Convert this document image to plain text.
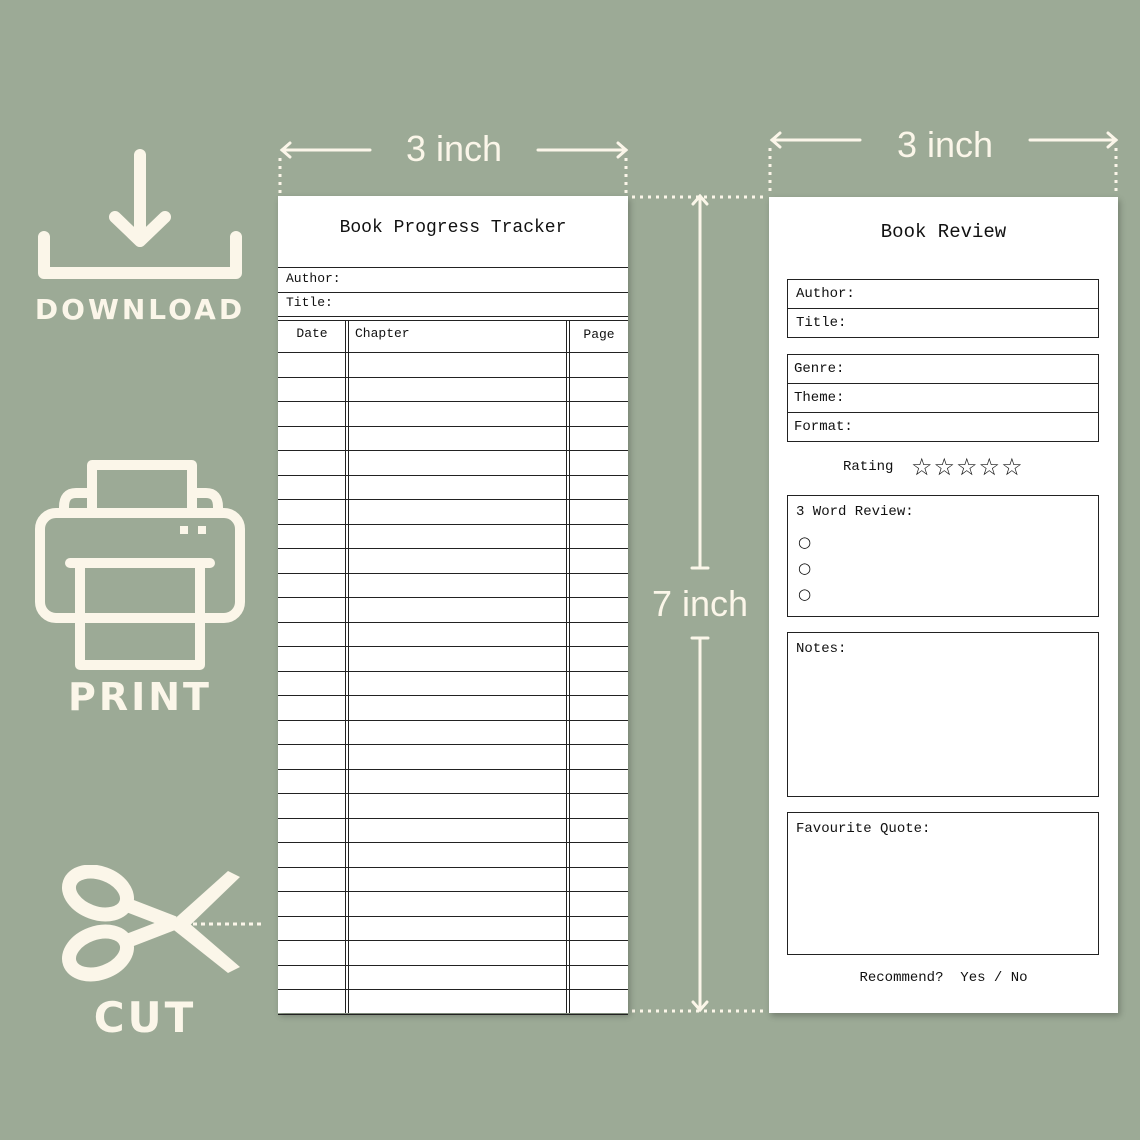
DOWNLOAD
PRINT
CUT
3 inch	3 inch
7 inch
Book Progress Tracker
Author:
Title:
Date	Chapter	Page
Book Review
Author:
Title:
Genre:
Theme:
Format:
Rating ☆☆☆☆☆
3 Word Review:
○
○
○
Notes:
Favourite Quote:
Recommend? Yes / No
